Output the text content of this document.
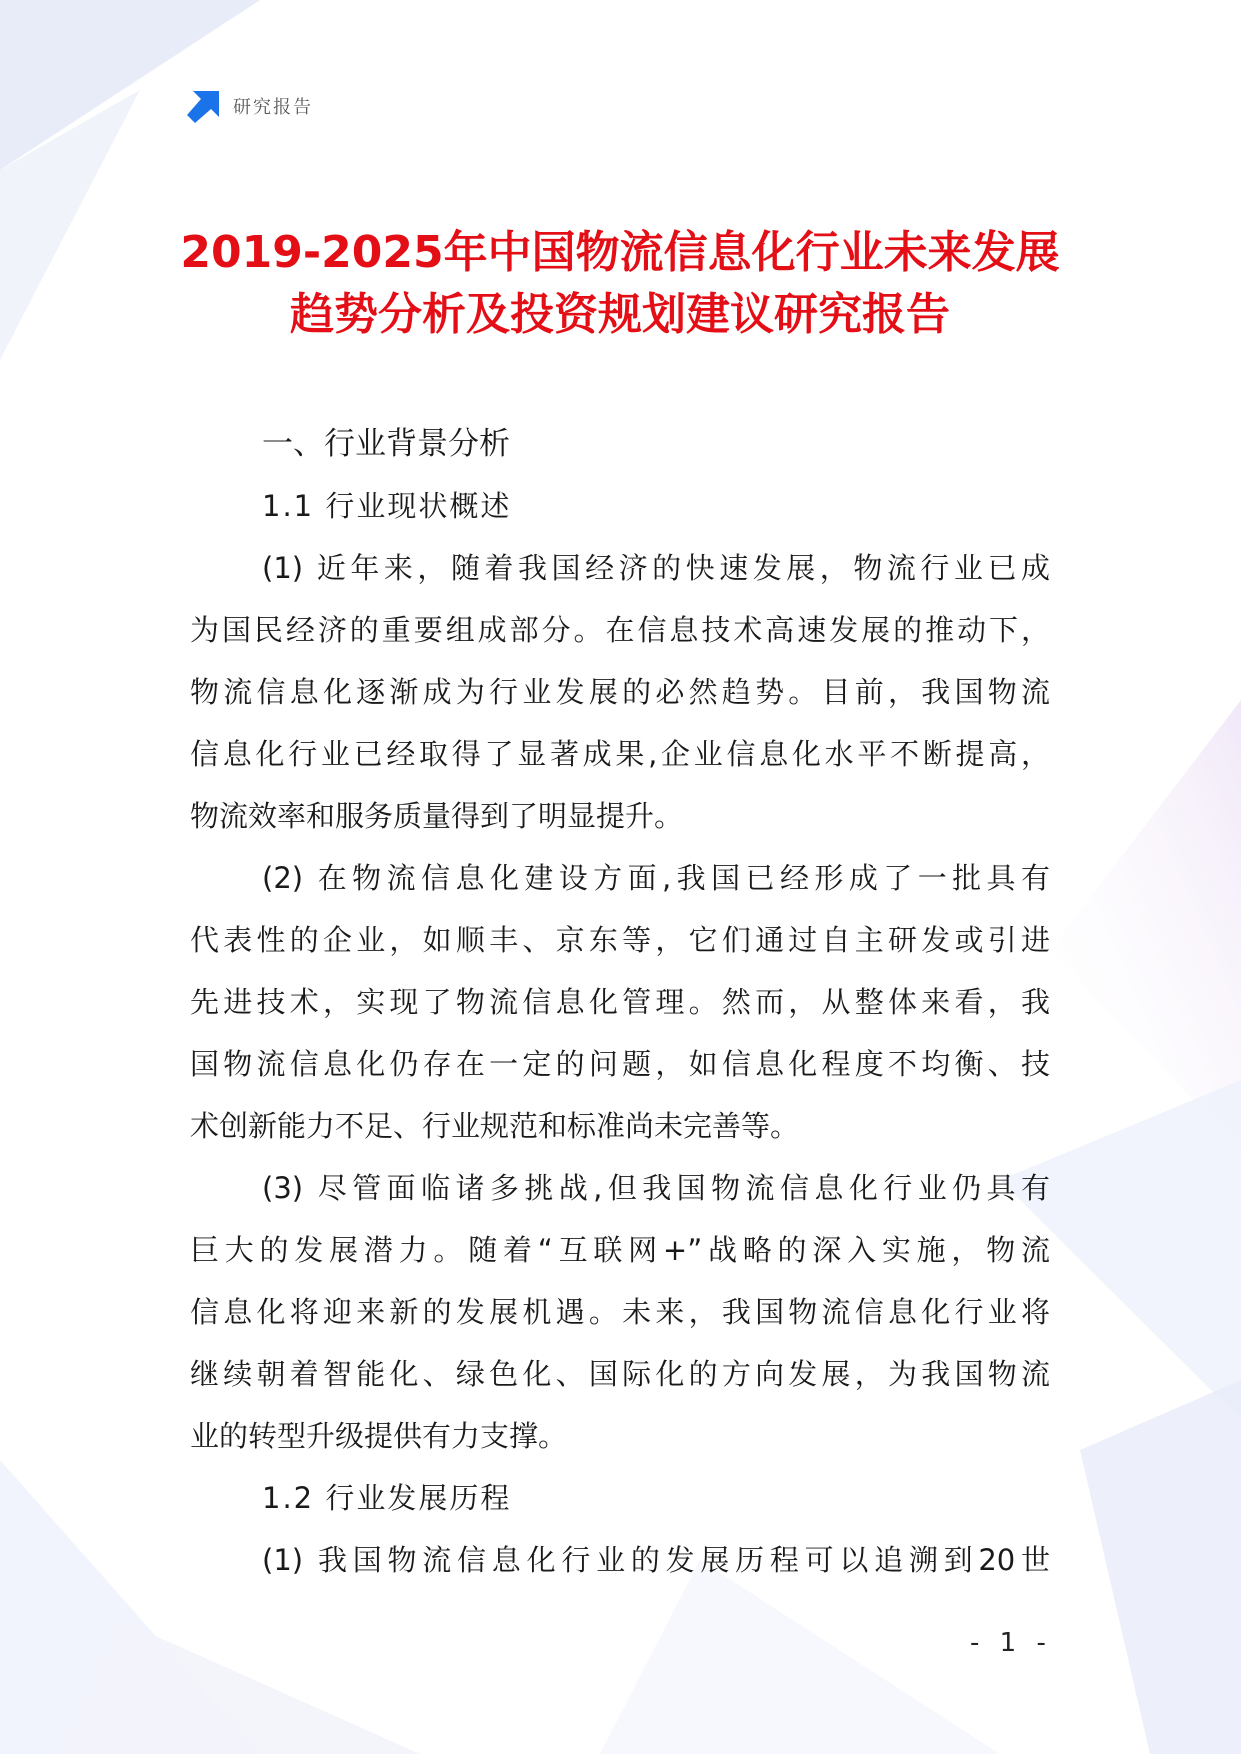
研究报告
2019-2025年中国物流信息化行业未来发展
趋势分析及投资规划建议研究报告
一、行业背景分析
1.1 行业现状概述
(1) 近年来，随着我国经济的快速发展，物流行业已成
为国民经济的重要组成部分。在信息技术高速发展的推动下，
物流信息化逐渐成为行业发展的必然趋势。目前，我国物流
信息化行业已经取得了显著成果,企业信息化水平不断提高，
物流效率和服务质量得到了明显提升。
(2) 在物流信息化建设方面,我国已经形成了一批具有
代表性的企业，如顺丰、京东等，它们通过自主研发或引进
先进技术，实现了物流信息化管理。然而，从整体来看，我
国物流信息化仍存在一定的问题，如信息化程度不均衡、技
术创新能力不足、行业规范和标准尚未完善等。
(3) 尽管面临诸多挑战,但我国物流信息化行业仍具有
巨大的发展潜力。随着“互联网+”战略的深入实施，物流
信息化将迎来新的发展机遇。未来，我国物流信息化行业将
继续朝着智能化、绿色化、国际化的方向发展，为我国物流
业的转型升级提供有力支撑。
1.2 行业发展历程
(1) 我国物流信息化行业的发展历程可以追溯到20世
- 1 -
